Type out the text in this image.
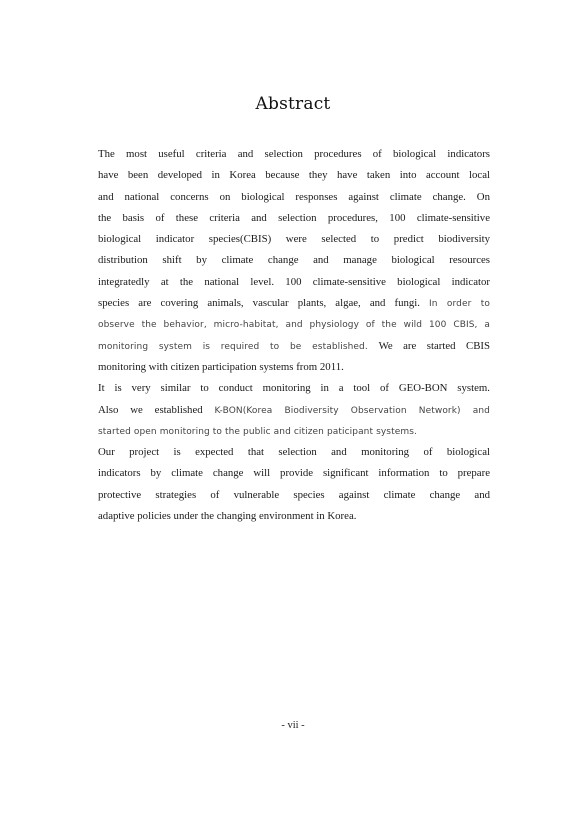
Abstract
The most useful criteria and selection procedures of biological indicators
have been developed in Korea because they have taken into account local
and national concerns on biological responses against climate change. On
the basis of these criteria and selection procedures, 100 climate-sensitive
biological indicator species(CBIS) were selected to predict biodiversity
distribution shift by climate change and manage biological resources
integratedly at the national level. 100 climate-sensitive biological indicator
species are covering animals, vascular plants, algae, and fungi. In order to
observe the behavior, micro-habitat, and physiology of the wild 100 CBIS, a
monitoring system is required to be established. We are started CBIS
monitoring with citizen participation systems from 2011.
It is very similar to conduct monitoring in a tool of GEO-BON system.
Also we established K-BON(Korea Biodiversity Observation Network) and
started open monitoring to the public and citizen paticipant systems.
Our project is expected that selection and monitoring of biological
indicators by climate change will provide significant information to prepare
protective strategies of vulnerable species against climate change and
adaptive policies under the changing environment in Korea.
- vii -
